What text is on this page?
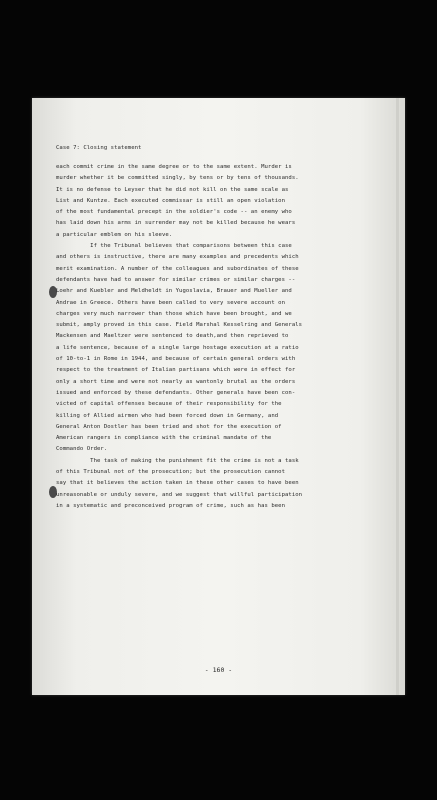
Case 7: Closing statement
each commit crime in the same degree or to the same extent. Murder is
murder whether it be committed singly, by tens or by tens of thousands.
It is no defense to Leyser that he did not kill on the same scale as
List and Kuntze. Each executed commissar is still an open violation
of the most fundamental precept in the soldier's code -- an enemy who
has laid down his arms in surrender may not be killed because he wears
a particular emblem on his sleeve.
If the Tribunal believes that comparisons between this case
and others is instructive, there are many examples and precedents which
merit examination. A number of the colleagues and subordinates of these
defendants have had to answer for similar crimes or similar charges --
Loehr and Kuebler and Meldheldt in Yugoslavia, Brauer and Mueller and
Andrae in Greece. Others have been called to very severe account on
charges very much narrower than those which have been brought, and we
submit, amply proved in this case. Field Marshal Kesselring and Generals
Mackensen and Maeltzer were sentenced to death,and then reprieved to
a life sentence, because of a single large hostage execution at a ratio
of 10-to-1 in Rome in 1944, and because of certain general orders with
respect to the treatment of Italian partisans which were in effect for
only a short time and were not nearly as wantonly brutal as the orders
issued and enforced by these defendants. Other generals have been con-
victed of capital offenses because of their responsibility for the
killing of Allied airmen who had been forced down in Germany, and
General Anton Dostler has been tried and shot for the execution of
American rangers in compliance with the criminal mandate of the
Commando Order.
The task of making the punishment fit the crime is not a task
of this Tribunal not of the prosecution; but the prosecution cannot
say that it believes the action taken in these other cases to have been
unreasonable or unduly severe, and we suggest that willful participation
in a systematic and preconceived program of crime, such as has been
- 160 -
